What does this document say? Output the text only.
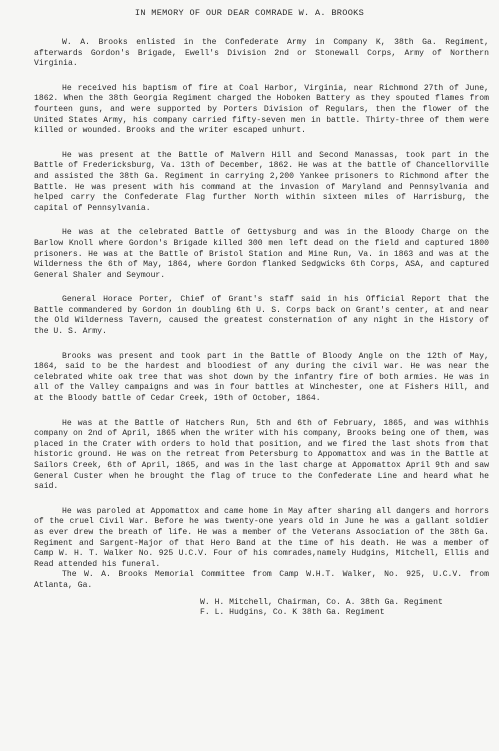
IN MEMORY OF OUR DEAR COMRADE W. A. BROOKS

W. A. Brooks enlisted in the Confederate Army in Company K, 38th Ga. Regiment, afterwards Gordon's Brigade, Ewell's Division 2nd or Stonewall Corps, Army of Northern Virginia.

He received his baptism of fire at Coal Harbor, Virginia, near Richmond 27th of June, 1862. When the 38th Georgia Regiment charged the Hoboken Battery as they spouted flames from fourteen guns, and were supported by Porters Division of Regulars, then the flower of the United States Army, his company carried fifty-seven men in battle. Thirty-three of them were killed or wounded. Brooks and the writer escaped unhurt.

He was present at the Battle of Malvern Hill and Second Manassas, took part in the Battle of Fredericksburg, Va. 13th of December, 1862. He was at the battle of Chancellorville and assisted the 38th Ga. Regiment in carrying 2,200 Yankee prisoners to Richmond after the Battle. He was present with his command at the invasion of Maryland and Pennsylvania and helped carry the Confederate Flag further North within sixteen miles of Harrisburg, the capital of Pennsylvania.

He was at the celebrated Battle of Gettysburg and was in the Bloody Charge on the Barlow Knoll where Gordon's Brigade killed 300 men left dead on the field and captured 1800 prisoners. He was at the Battle of Bristol Station and Mine Run, Va. in 1863 and was at the Wilderness the 6th of May, 1864, where Gordon flanked Sedgwicks 6th Corps, ASA, and captured General Shaler and Seymour.

General Horace Porter, Chief of Grant's staff said in his Official Report that the Battle commandered by Gordon in doubling 6th U. S. Corps back on Grant's center, at and near the Old Wilderness Tavern, caused the greatest consternation of any night in the History of the U. S. Army.

Brooks was present and took part in the Battle of Bloody Angle on the 12th of May, 1864, said to be the hardest and bloodiest of any during the civil war. He was near the celebrated white oak tree that was shot down by the infantry fire of both armies. He was in all of the Valley campaigns and was in four battles at Winchester, one at Fishers Hill, and at the Bloody battle of Cedar Creek, 19th of October, 1864.

He was at the Battle of Hatchers Run, 5th and 6th of February, 1865, and was withhis company on 2nd of April, 1865 when the writer with his company, Brooks being one of them, was placed in the Crater with orders to hold that position, and we fired the last shots from that historic ground. He was on the retreat from Petersburg to Appomattox and was in the Battle at Sailors Creek, 6th of April, 1865, and was in the last charge at Appomattox April 9th and saw General Custer when he brought the flag of truce to the Confederate Line and heard what he said.

He was paroled at Appomattox and came home in May after sharing all dangers and horrors of the cruel Civil War. Before he was twenty-one years old in June he was a gallant soldier as ever drew the breath of life. He was a member of the Veterans Association of the 38th Ga. Regiment and Sargent-Major of that Hero Band at the time of his death. He was a member of Camp W. H. T. Walker No. 925 U.C.V. Four of his comrades,namely Hudgins, Mitchell, Ellis and Read attended his funeral.

The W. A. Brooks Memorial Committee from Camp W.H.T. Walker, No. 925, U.C.V. from Atlanta, Ga.

W. H. Mitchell, Chairman, Co. A. 38th Ga. Regiment
F. L. Hudgins, Co. K 38th Ga. Regiment
